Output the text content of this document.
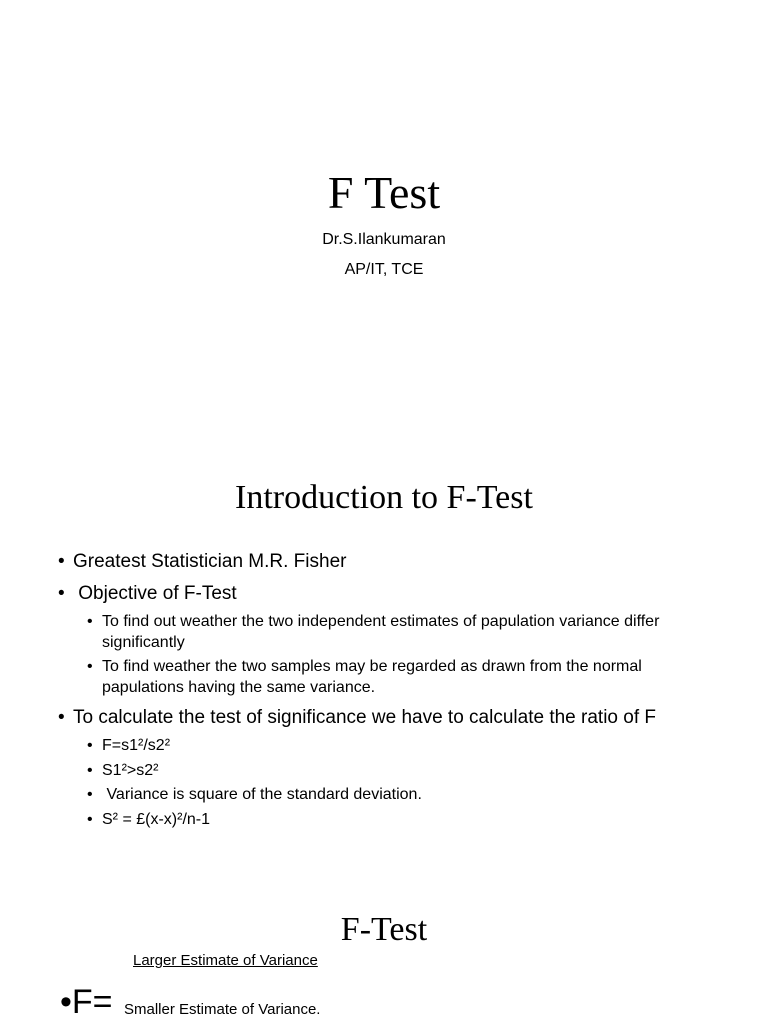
F Test
Dr.S.Ilankumaran
AP/IT, TCE
Introduction to F-Test
• Greatest Statistician M.R. Fisher
• Objective of F-Test
• To find out weather the two independent estimates of papulation variance differ significantly
• To find weather the two samples may be regarded as drawn from the normal papulations having the same variance.
• To calculate the test of significance we have to calculate the ratio of F
• F=s1²/s2²
• S1²>s2²
• Variance is square of the standard deviation.
• S² = £(x-x)²/n-1
F-Test
Larger Estimate of Variance
•F= Smaller Estimate of Variance.
